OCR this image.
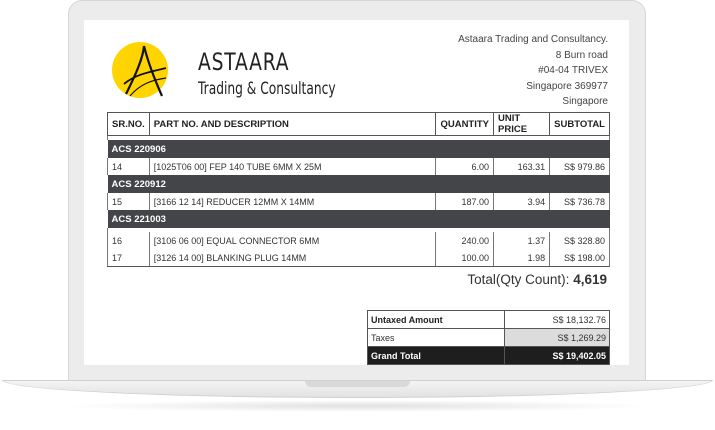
ASTAARA
Trading & Consultancy
Astaara Trading and Consultancy.
8 Burn road
#04-04 TRIVEX
Singapore 369977
Singapore
SR.NO.	PART NO. AND DESCRIPTION	QUANTITY	UNIT PRICE	SUBTOTAL

ACS 220906				
14	[1025T06 00] FEP 140 TUBE 6MM X 25M	6.00	163.31	S$ 979.86
ACS 220912				
15	[3166 12 14] REDUCER 12MM X 14MM	187.00	3.94	S$ 736.78
ACS 221003				

16	[3106 06 00] EQUAL CONNECTOR 6MM	240.00	1.37	S$ 328.80
17	[3126 14 00] BLANKING PLUG 14MM	100.00	1.98	S$ 198.00
Total(Qty Count): 4,619
Untaxed Amount	S$ 18,132.76
Taxes	S$ 1,269.29
Grand Total	S$ 19,402.05
